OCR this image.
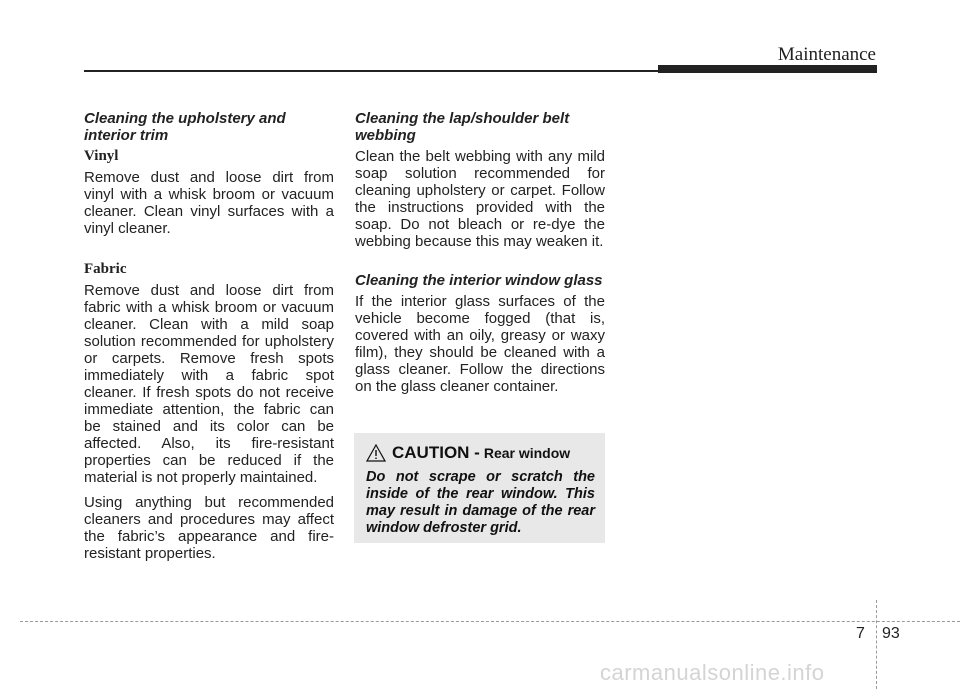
Maintenance
Cleaning the upholstery and interior trim
Vinyl

Remove dust and loose dirt from vinyl with a whisk broom or vacuum cleaner. Clean vinyl surfaces with a vinyl cleaner.

Fabric

Remove dust and loose dirt from fabric with a whisk broom or vacuum cleaner. Clean with a mild soap solution recommended for upholstery or carpets. Remove fresh spots immediately with a fabric spot cleaner. If fresh spots do not receive immediate attention, the fabric can be stained and its color can be affected. Also, its fire-resistant properties can be reduced if the material is not properly maintained.

Using anything but recommended cleaners and procedures may affect the fabric’s appearance and fire-resistant properties.

Cleaning the lap/shoulder belt webbing

Clean the belt webbing with any mild soap solution recommended for cleaning upholstery or carpet. Follow the instructions provided with the soap. Do not bleach or re-dye the webbing because this may weaken it.

Cleaning the interior window glass

If the interior glass surfaces of the vehicle become fogged (that is, covered with an oily, greasy or waxy film), they should be cleaned with a glass cleaner. Follow the directions on the glass cleaner container.

CAUTION - Rear window
Do not scrape or scratch the inside of the rear window. This may result in damage of the rear window defroster grid.
7 93
carmanualsonline.info
